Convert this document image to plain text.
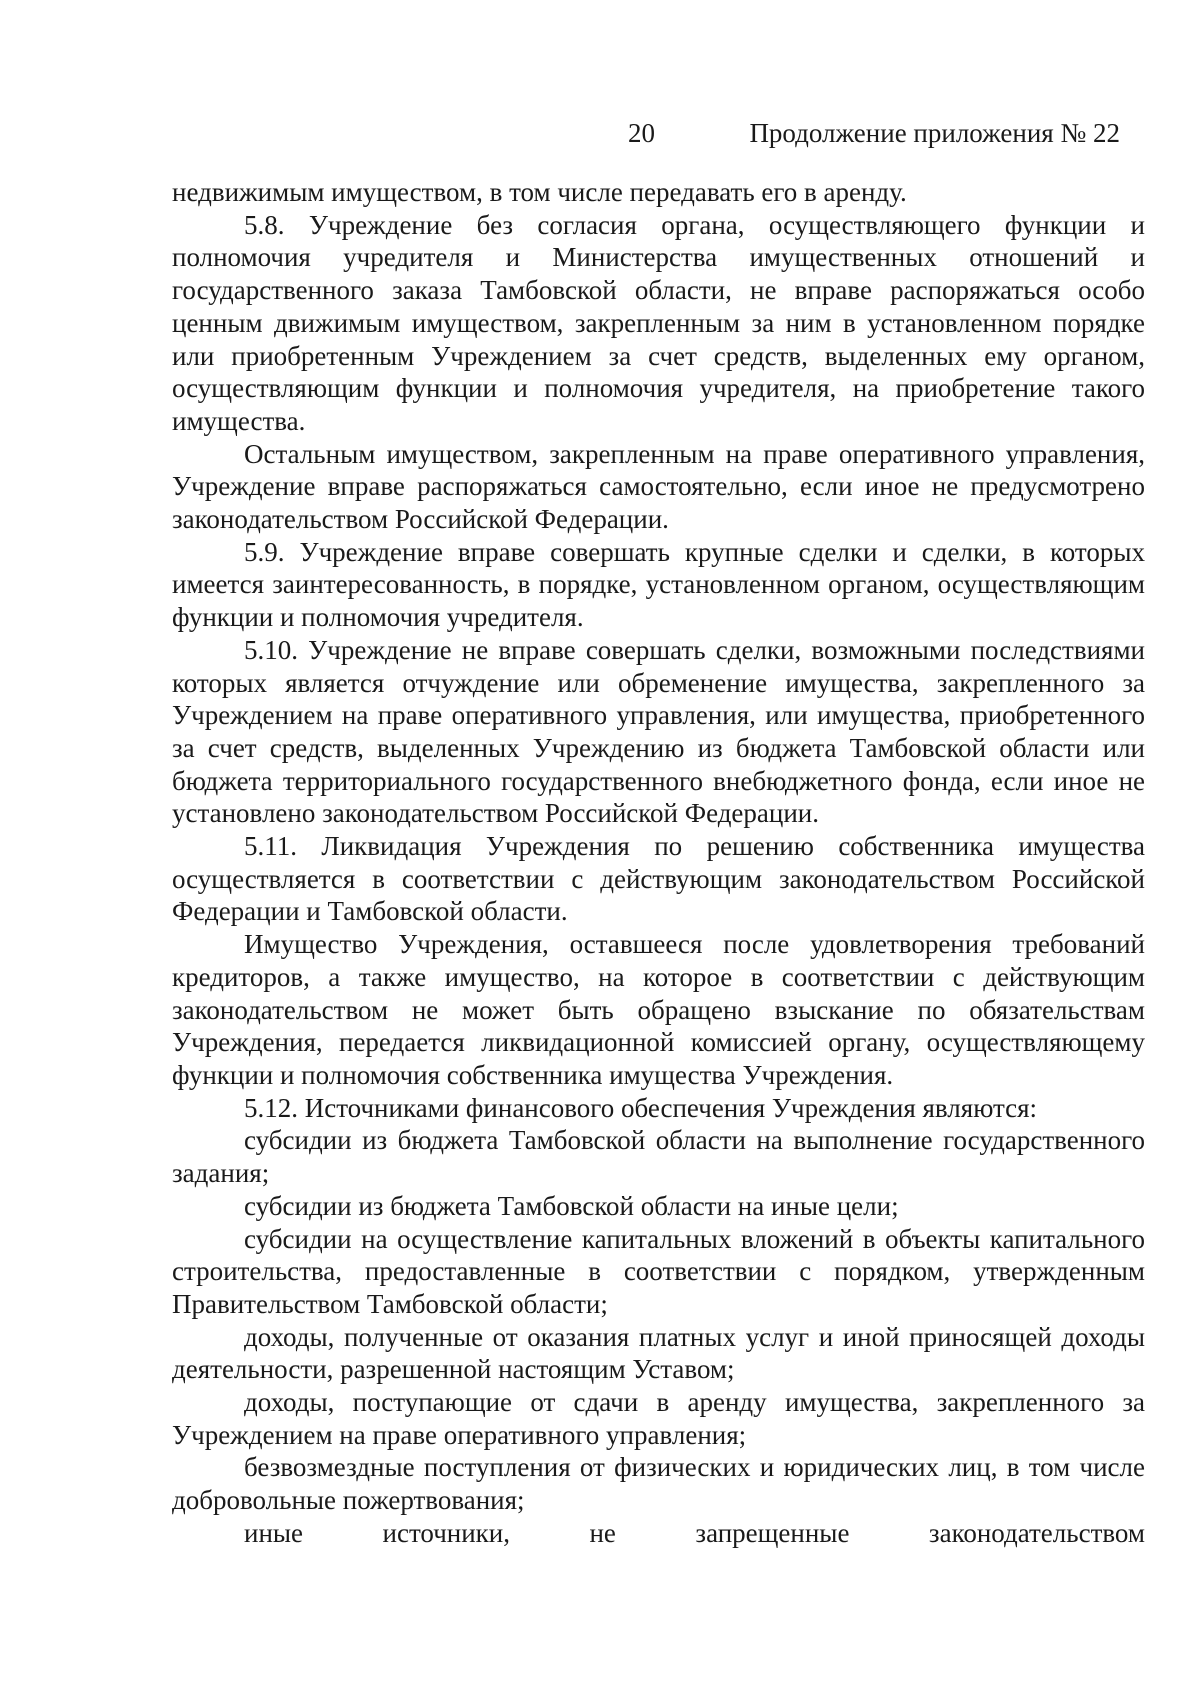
20	Продолжение приложения № 22

недвижимым имуществом, в том числе передавать его в аренду.

5.8. Учреждение без согласия органа, осуществляющего функции и полномочия учредителя и Министерства имущественных отношений и государственного заказа Тамбовской области, не вправе распоряжаться особо ценным движимым имуществом, закрепленным за ним в установленном порядке или приобретенным Учреждением за счет средств, выделенных ему органом, осуществляющим функции и полномочия учредителя, на приобретение такого имущества.

Остальным имуществом, закрепленным на праве оперативного управления, Учреждение вправе распоряжаться самостоятельно, если иное не предусмотрено законодательством Российской Федерации.

5.9. Учреждение вправе совершать крупные сделки и сделки, в которых имеется заинтересованность, в порядке, установленном органом, осуществляющим функции и полномочия учредителя.

5.10. Учреждение не вправе совершать сделки, возможными последствиями которых является отчуждение или обременение имущества, закрепленного за Учреждением на праве оперативного управления, или имущества, приобретенного за счет средств, выделенных Учреждению из бюджета Тамбовской области или бюджета территориального государственного внебюджетного фонда, если иное не установлено законодательством Российской Федерации.

5.11. Ликвидация Учреждения по решению собственника имущества осуществляется в соответствии с действующим законодательством Российской Федерации и Тамбовской области.

Имущество Учреждения, оставшееся после удовлетворения требований кредиторов, а также имущество, на которое в соответствии с действующим законодательством не может быть обращено взыскание по обязательствам Учреждения, передается ликвидационной комиссией органу, осуществляющему функции и полномочия собственника имущества Учреждения.

5.12. Источниками финансового обеспечения Учреждения являются:

субсидии из бюджета Тамбовской области на выполнение государственного задания;

субсидии из бюджета Тамбовской области на иные цели;

субсидии на осуществление капитальных вложений в объекты капитального строительства, предоставленные в соответствии с порядком, утвержденным Правительством Тамбовской области;

доходы, полученные от оказания платных услуг и иной приносящей доходы деятельности, разрешенной настоящим Уставом;

доходы, поступающие от сдачи в аренду имущества, закрепленного за Учреждением на праве оперативного управления;

безвозмездные поступления от физических и юридических лиц, в том числе добровольные пожертвования;

иные источники, не запрещенные законодательством
